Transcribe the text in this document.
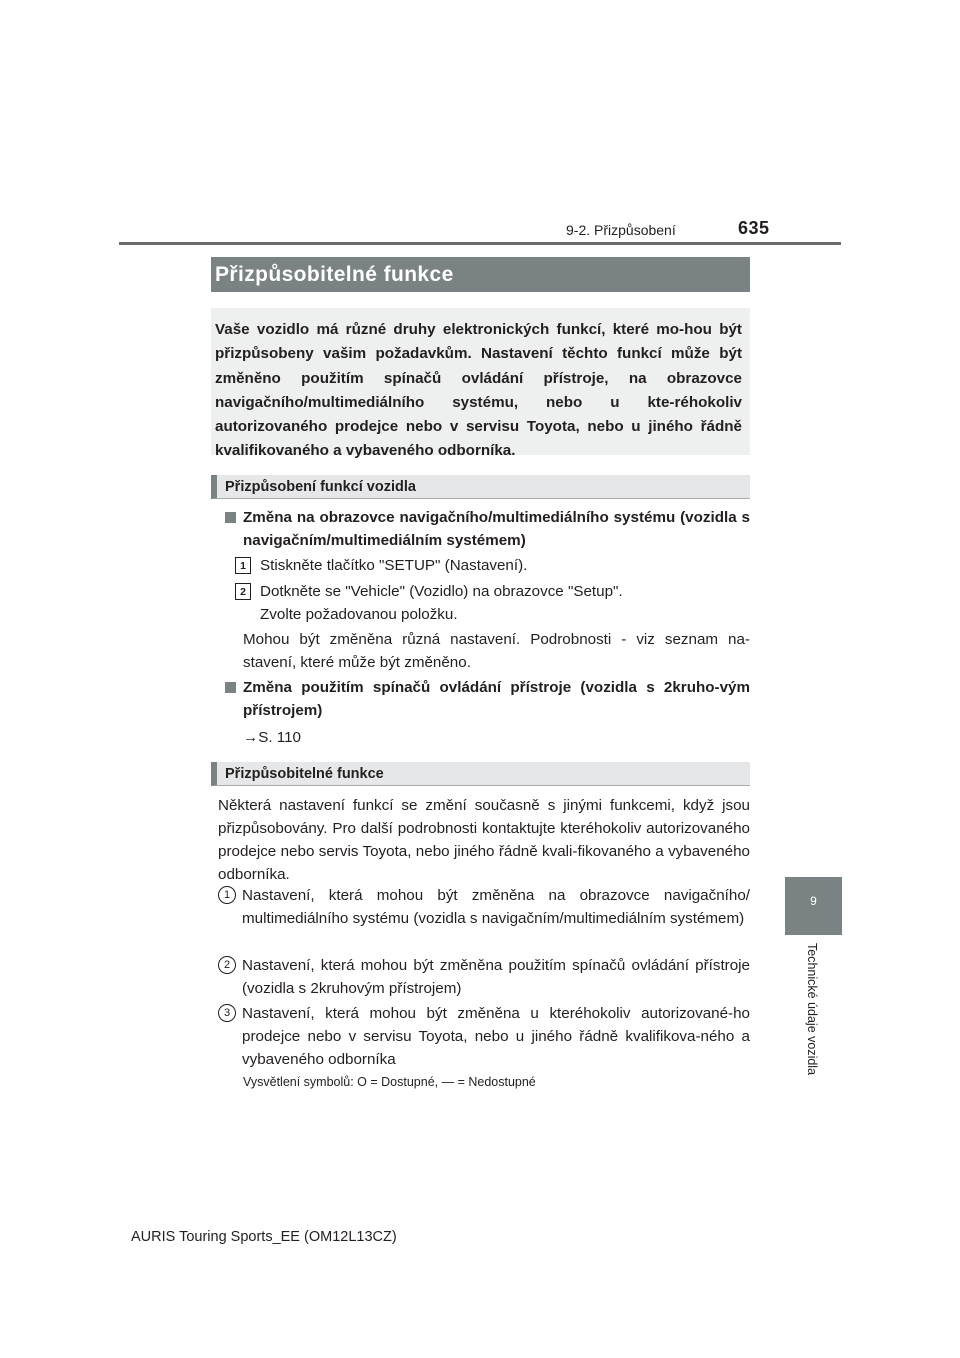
9-2. Přizpůsobení	635
9
Technické údaje vozidla
Přizpůsobitelné funkce
Vaše vozidlo má různé druhy elektronických funkcí, které mo-hou být přizpůsobeny vašim požadavkům. Nastavení těchto funkcí může být změněno použitím spínačů ovládání přístroje, na obrazovce navigačního/multimediálního systému, nebo u kte-réhokoliv autorizovaného prodejce nebo v servisu Toyota, nebo u jiného řádně kvalifikovaného a vybaveného odborníka.
Přizpůsobení funkcí vozidla
Změna na obrazovce navigačního/multimediálního systému (vozidla s navigačním/multimediálním systémem)
1 Stiskněte tlačítko "SETUP" (Nastavení).
2 Dotkněte se "Vehicle" (Vozidlo) na obrazovce "Setup".
Zvolte požadovanou položku.
Mohou být změněna různá nastavení. Podrobnosti - viz seznam na-stavení, které může být změněno.
Změna použitím spínačů ovládání přístroje (vozidla s 2kruho-vým přístrojem)
→S. 110
Přizpůsobitelné funkce
Některá nastavení funkcí se změní současně s jinými funkcemi, když jsou přizpůsobovány. Pro další podrobnosti kontaktujte kteréhokoliv autorizovaného prodejce nebo servis Toyota, nebo jiného řádně kvali-fikovaného a vybaveného odborníka.
1 Nastavení, která mohou být změněna na obrazovce navigačního/ multimediálního systému (vozidla s navigačním/multimediálním systémem)
2 Nastavení, která mohou být změněna použitím spínačů ovládání přístroje (vozidla s 2kruhovým přístrojem)
3 Nastavení, která mohou být změněna u kteréhokoliv autorizované-ho prodejce nebo v servisu Toyota, nebo u jiného řádně kvalifikova-ného a vybaveného odborníka
Vysvětlení symbolů: O = Dostupné, — = Nedostupné
AURIS Touring Sports_EE (OM12L13CZ)
